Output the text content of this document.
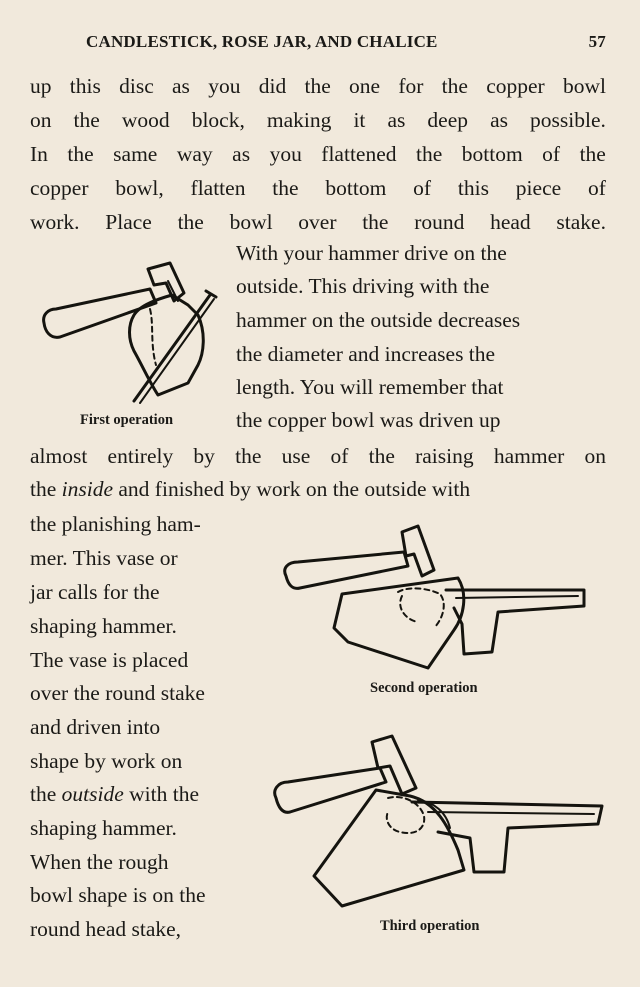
CANDLESTICK, ROSE JAR, AND CHALICE	57
up this disc as you did the one for the copper bowl
on the wood block, making it as deep as possible.
In the same way as you flattened the bottom of the
copper bowl, flatten the bottom of this piece of
work. Place the bowl over the round head stake.
With your hammer drive on the
outside. This driving with the
hammer on the outside decreases
the diameter and increases the
length. You will remember that
the copper bowl was driven up
almost entirely by the use of the raising hammer on
the inside and finished by work on the outside with
the planishing ham-
mer. This vase or
jar calls for the
shaping hammer.
The vase is placed
over the round stake
and driven into
shape by work on
the outside with the
shaping hammer.
When the rough
bowl shape is on the
round head stake,
First operation
Second operation
Third operation
